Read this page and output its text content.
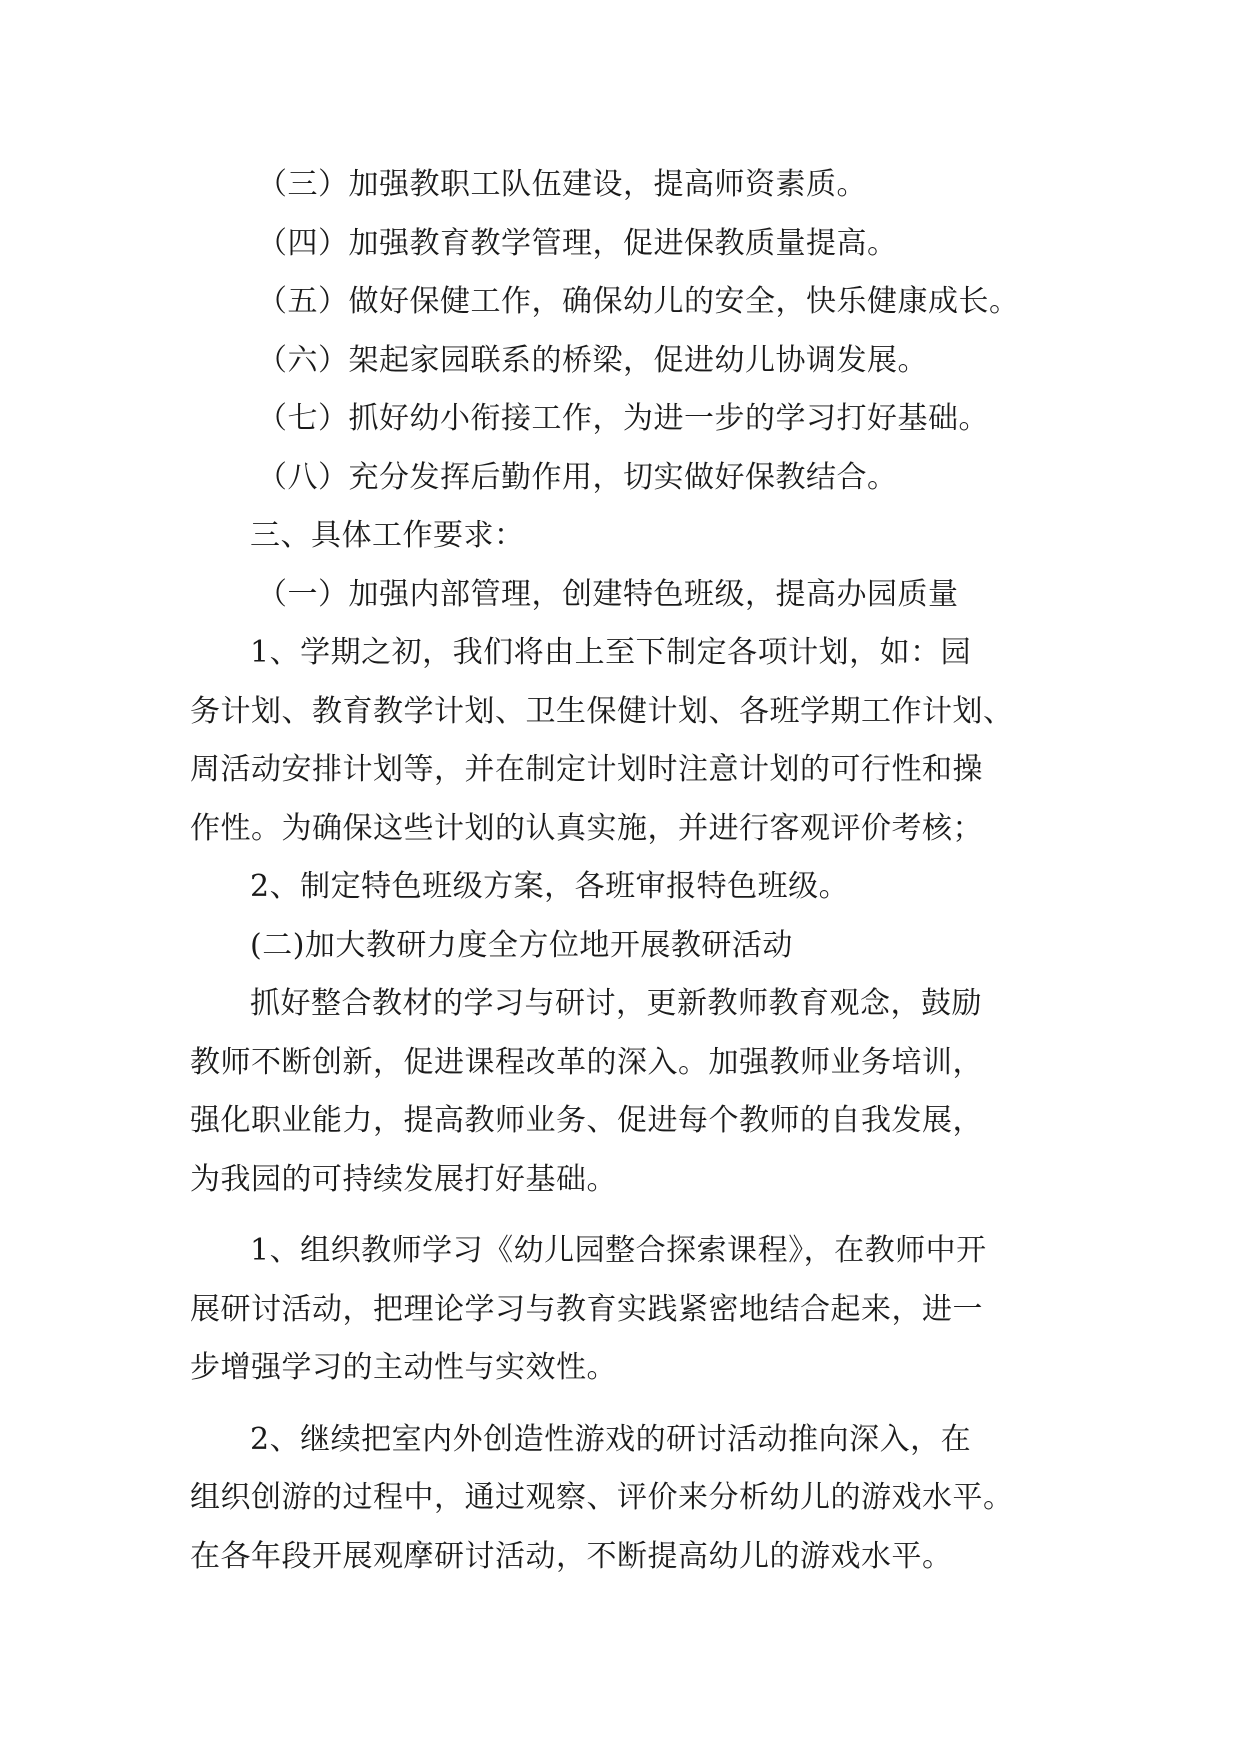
（三）加强教职工队伍建设，提高师资素质。
（四）加强教育教学管理，促进保教质量提高。
（五）做好保健工作，确保幼儿的安全，快乐健康成长。
（六）架起家园联系的桥梁，促进幼儿协调发展。
（七）抓好幼小衔接工作，为进一步的学习打好基础。
（八）充分发挥后勤作用，切实做好保教结合。
三、具体工作要求：
（一）加强内部管理，创建特色班级，提高办园质量
1、学期之初，我们将由上至下制定各项计划，如：园
务计划、教育教学计划、卫生保健计划、各班学期工作计划、
周活动安排计划等，并在制定计划时注意计划的可行性和操
作性。为确保这些计划的认真实施，并进行客观评价考核；
2、制定特色班级方案，各班审报特色班级。
(二)加大教研力度全方位地开展教研活动
抓好整合教材的学习与研讨，更新教师教育观念，鼓励
教师不断创新，促进课程改革的深入。加强教师业务培训，
强化职业能力，提高教师业务、促进每个教师的自我发展，
为我园的可持续发展打好基础。
1、组织教师学习《幼儿园整合探索课程》，在教师中开
展研讨活动，把理论学习与教育实践紧密地结合起来，进一
步增强学习的主动性与实效性。
2、继续把室内外创造性游戏的研讨活动推向深入，在
组织创游的过程中，通过观察、评价来分析幼儿的游戏水平。
在各年段开展观摩研讨活动，不断提高幼儿的游戏水平。
